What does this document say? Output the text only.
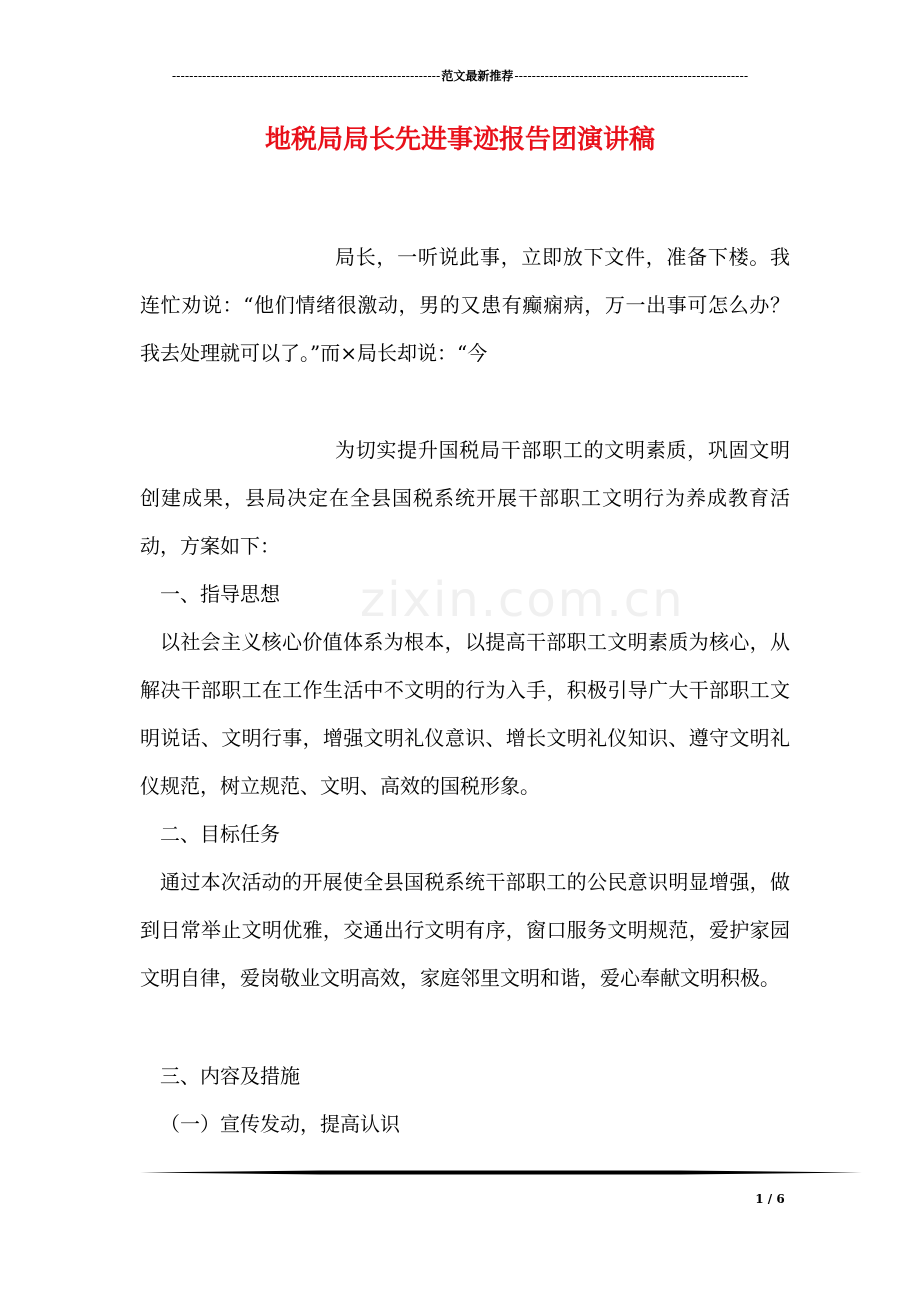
--------------------------------------------------------------范文最新推荐------------------------------------------------------
地税局局长先进事迹报告团演讲稿
zixin.com.cn

局长，一听说此事，立即放下文件，准备下楼。我连忙劝说：“他们情绪很激动，男的又患有癫痫病，万一出事可怎么办？我去处理就可以了。”而×局长却说：“今

为切实提升国税局干部职工的文明素质，巩固文明创建成果，县局决定在全县国税系统开展干部职工文明行为养成教育活动，方案如下：

一、指导思想

以社会主义核心价值体系为根本，以提高干部职工文明素质为核心，从解决干部职工在工作生活中不文明的行为入手，积极引导广大干部职工文明说话、文明行事，增强文明礼仪意识、增长文明礼仪知识、遵守文明礼仪规范，树立规范、文明、高效的国税形象。

二、目标任务

通过本次活动的开展使全县国税系统干部职工的公民意识明显增强，做到日常举止文明优雅，交通出行文明有序，窗口服务文明规范，爱护家园文明自律，爱岗敬业文明高效，家庭邻里文明和谐，爱心奉献文明积极。

三、内容及措施

（一）宣传发动，提高认识

1 / 6
